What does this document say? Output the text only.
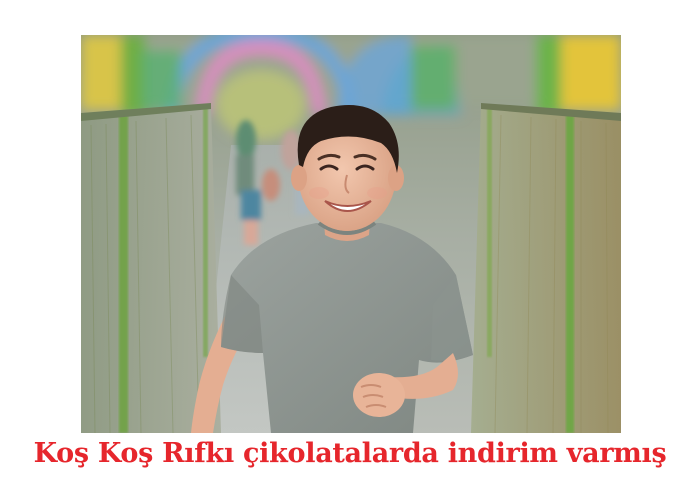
Koş Koş Rıfkı çikolatalarda indirim varmış
